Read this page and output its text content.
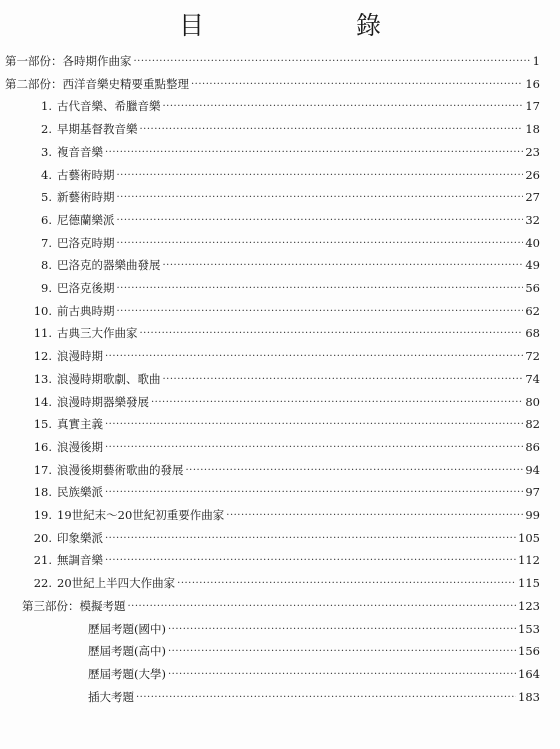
目　　錄
第一部份：各時期作曲家 ·····	1
第二部份：西洋音樂史精要重點整理 ·····	16
1. 古代音樂、希臘音樂 ·····	17
2. 早期基督教音樂 ·····	18
3. 複音音樂 ·····	23
4. 古藝術時期 ·····	26
5. 新藝術時期 ·····	27
6. 尼德蘭樂派 ·····	32
7. 巴洛克時期 ·····	40
8. 巴洛克的器樂曲發展 ·····	49
9. 巴洛克後期 ·····	56
10. 前古典時期 ·····	62
11. 古典三大作曲家 ·····	68
12. 浪漫時期 ·····	72
13. 浪漫時期歌劇、歌曲 ·····	74
14. 浪漫時期器樂發展 ·····	80
15. 真實主義 ·····	82
16. 浪漫後期 ·····	86
17. 浪漫後期藝術歌曲的發展 ·····	94
18. 民族樂派 ·····	97
19. 19世紀末～20世紀初重要作曲家 ·····	99
20. 印象樂派 ·····	105
21. 無調音樂 ·····	112
22. 20世紀上半四大作曲家 ·····	115
第三部份：模擬考題 ·····	123
歷屆考題(國中) ·····	153
歷屆考題(高中) ·····	156
歷屆考題(大學) ·····	164
插大考題 ·····	183
